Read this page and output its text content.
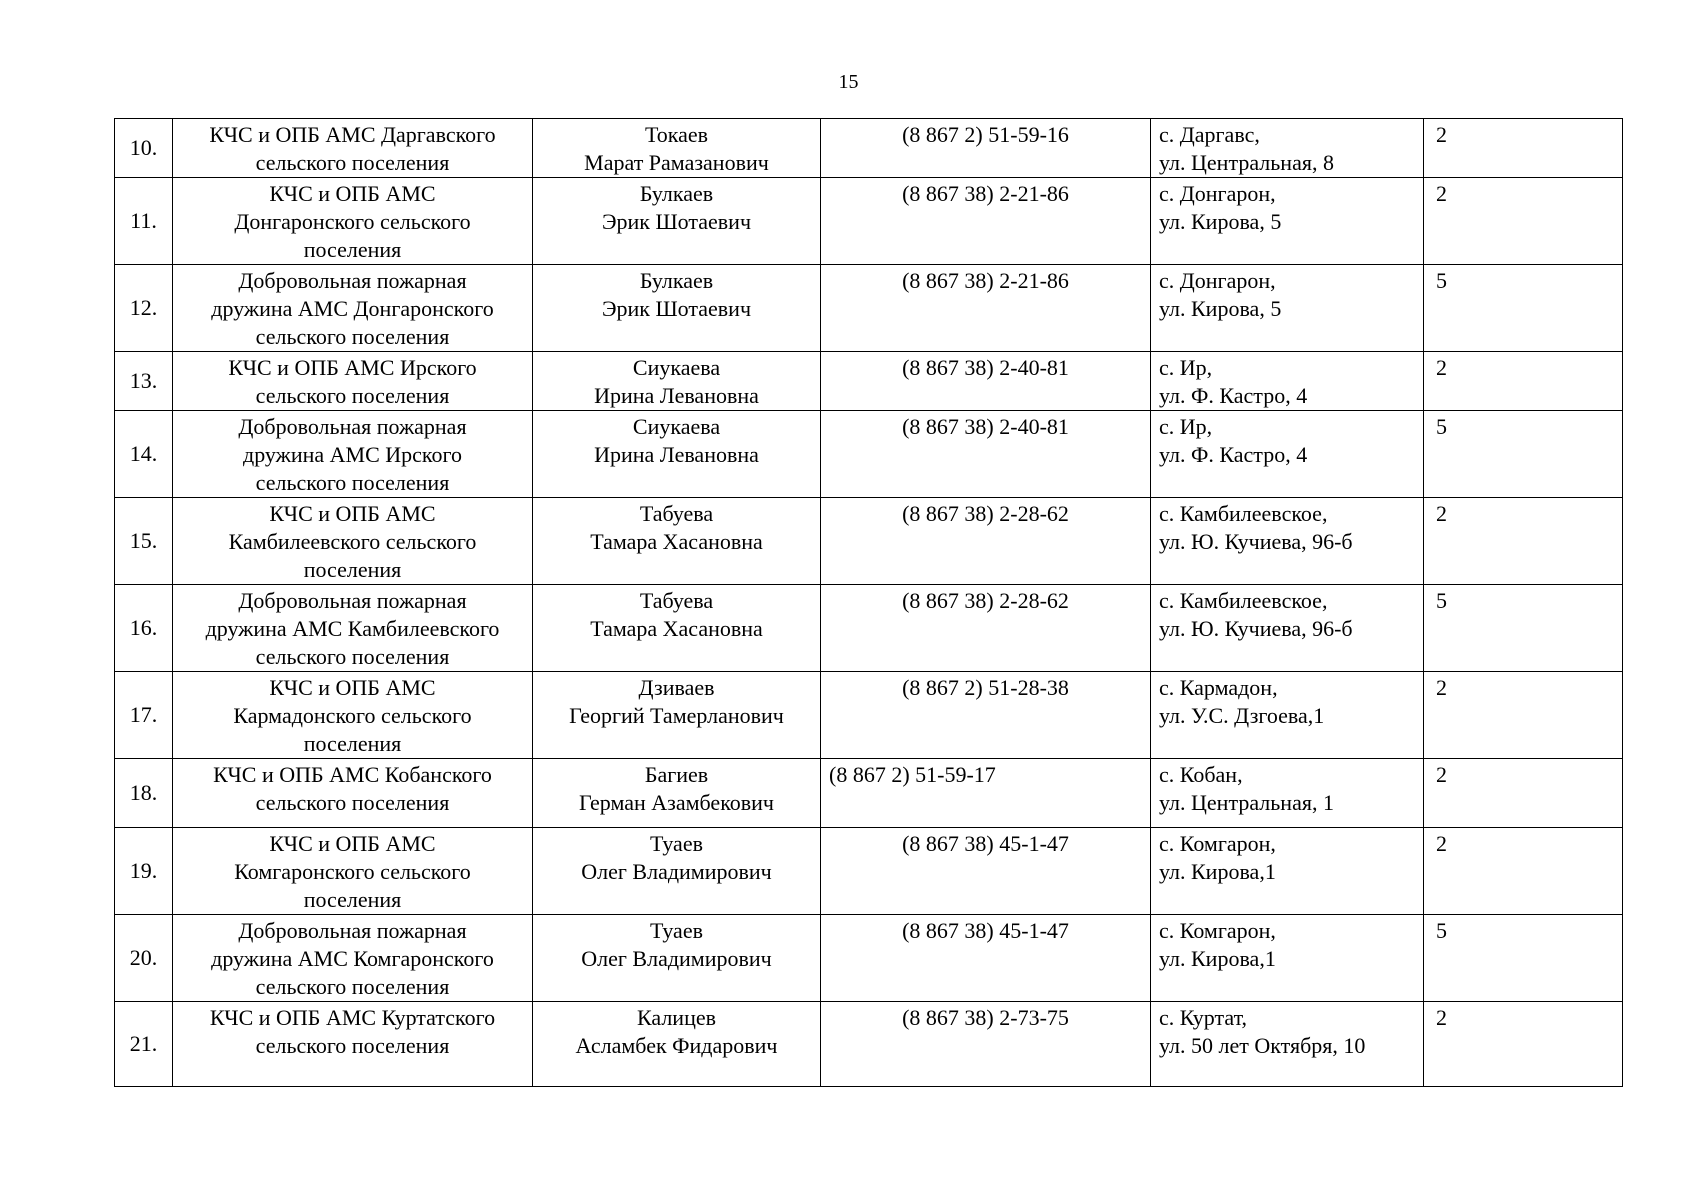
15
10.	КЧС и ОПБ АМС Даргавского
сельского поселения	Токаев
Марат Рамазанович	(8 867 2) 51-59-16	с. Даргавс,
ул. Центральная, 8	2
11.	КЧС и ОПБ АМС
Донгаронского сельского
поселения	Булкаев
Эрик Шотаевич	(8 867 38) 2-21-86	с. Донгарон,
ул. Кирова, 5	2
12.	Добровольная пожарная
дружина АМС Донгаронского
сельского поселения	Булкаев
Эрик Шотаевич	(8 867 38) 2-21-86	с. Донгарон,
ул. Кирова, 5	5
13.	КЧС и ОПБ АМС Ирского
сельского поселения	Сиукаева
Ирина Левановна	(8 867 38) 2-40-81	с. Ир,
ул. Ф. Кастро, 4	2
14.	Добровольная пожарная
дружина АМС Ирского
сельского поселения	Сиукаева
Ирина Левановна	(8 867 38) 2-40-81	с. Ир,
ул. Ф. Кастро, 4	5
15.	КЧС и ОПБ АМС
Камбилеевского сельского
поселения	Табуева
Тамара Хасановна	(8 867 38) 2-28-62	с. Камбилеевское,
ул. Ю. Кучиева, 96-б	2
16.	Добровольная пожарная
дружина АМС Камбилеевского
сельского поселения	Табуева
Тамара Хасановна	(8 867 38) 2-28-62	с. Камбилеевское,
ул. Ю. Кучиева, 96-б	5
17.	КЧС и ОПБ АМС
Кармадонского сельского
поселения	Дзиваев
Георгий Тамерланович	(8 867 2) 51-28-38	с. Кармадон,
ул. У.С. Дзгоева,1	2
18.	КЧС и ОПБ АМС Кобанского
сельского поселения	Багиев
Герман Азамбекович	(8 867 2) 51-59-17	с. Кобан,
ул. Центральная, 1	2
19.	КЧС и ОПБ АМС
Комгаронского сельского
поселения	Туаев
Олег Владимирович	(8 867 38) 45-1-47	с. Комгарон,
ул. Кирова,1	2
20.	Добровольная пожарная
дружина АМС Комгаронского
сельского поселения	Туаев
Олег Владимирович	(8 867 38) 45-1-47	с. Комгарон,
ул. Кирова,1	5
21.	КЧС и ОПБ АМС Куртатского
сельского поселения	Калицев
Асламбек Фидарович	(8 867 38) 2-73-75	с. Куртат,
ул. 50 лет Октября, 10	2
